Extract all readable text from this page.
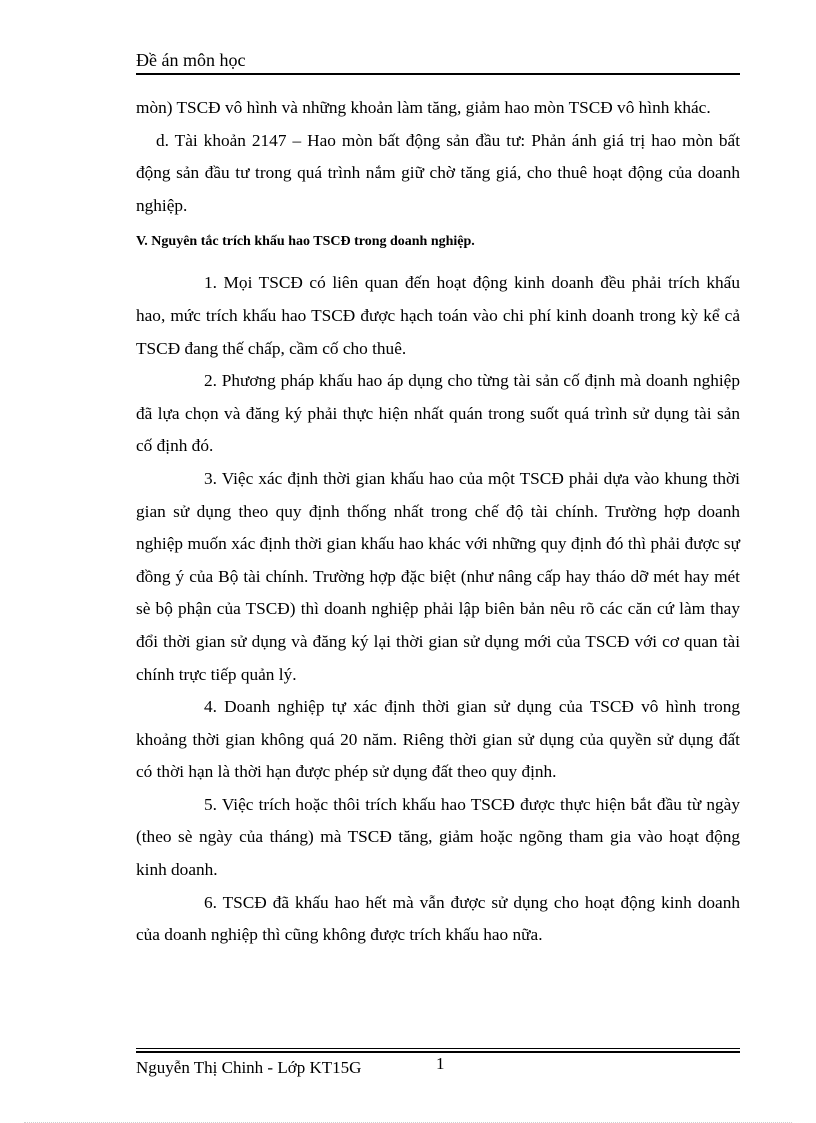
Đề án môn học

mòn) TSCĐ vô hình và những khoản làm tăng, giảm hao mòn TSCĐ vô hình khác.

d. Tài khoản 2147 – Hao mòn bất động sản đầu tư: Phản ánh giá trị hao mòn bất động sản đầu tư trong quá trình nắm giữ chờ tăng giá, cho thuê hoạt động của doanh nghiệp.

V. Nguyên tắc trích khấu hao TSCĐ trong doanh nghiệp.

1. Mọi TSCĐ có liên quan đến hoạt động kinh doanh đều phải trích khấu hao, mức trích khấu hao TSCĐ được hạch toán vào chi phí kinh doanh trong kỳ kể cả TSCĐ đang thế chấp, cầm cố cho thuê.

2. Phương pháp khấu hao áp dụng cho từng tài sản cố định mà doanh nghiệp đã lựa chọn và đăng ký phải thực hiện nhất quán trong suốt quá trình sử dụng tài sản cố định đó.

3. Việc xác định thời gian khấu hao của một TSCĐ phải dựa vào khung thời gian sử dụng theo quy định thống nhất trong chế độ tài chính. Trường hợp doanh nghiệp muốn xác định thời gian khấu hao khác với những quy định đó thì phải được sự đồng ý của Bộ tài chính. Trường hợp đặc biệt (như nâng cấp hay tháo dỡ mét hay mét sè bộ phận của TSCĐ) thì doanh nghiệp phải lập biên bản nêu rõ các căn cứ làm thay đổi thời gian sử dụng và đăng ký lại thời gian sử dụng mới của TSCĐ với cơ quan tài chính trực tiếp quản lý.

4. Doanh nghiệp tự xác định thời gian sử dụng của TSCĐ vô hình trong khoảng thời gian không quá 20 năm. Riêng thời gian sử dụng của quyền sử dụng đất có thời hạn là thời hạn được phép sử dụng đất theo quy định.

5. Việc trích hoặc thôi trích khấu hao TSCĐ được thực hiện bắt đầu từ ngày (theo sè ngày của tháng) mà TSCĐ tăng, giảm hoặc ngõng tham gia vào hoạt động kinh doanh.

6. TSCĐ đã khấu hao hết mà vẫn được sử dụng cho hoạt động kinh doanh của doanh nghiệp thì cũng không được trích khấu hao nữa.

Nguyễn Thị Chinh - Lớp KT15G	1
